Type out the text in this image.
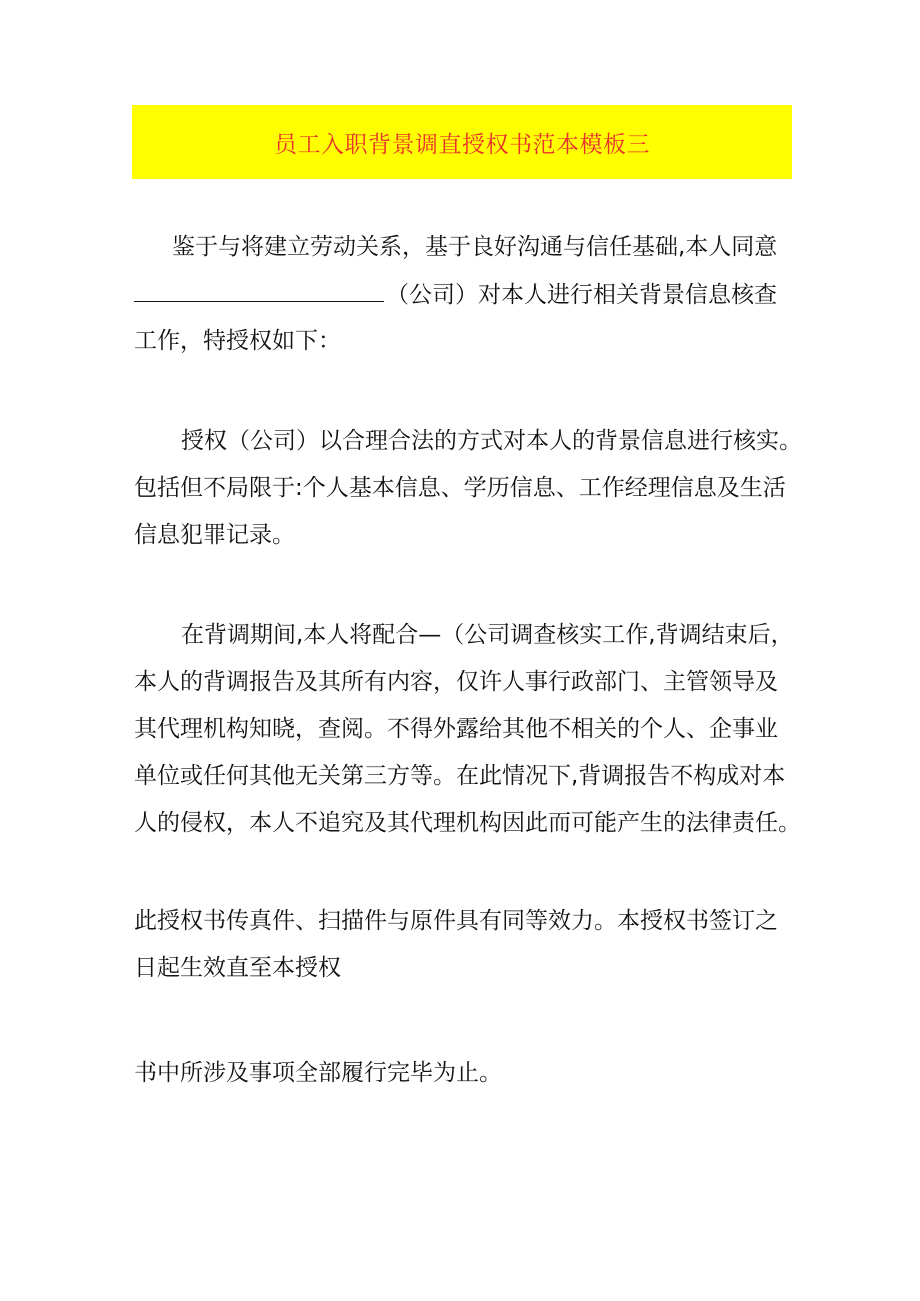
员工入职背景调直授权书范本模板三
鉴于与将建立劳动关系，基于良好沟通与信任基础,本人同意
（公司）对本人进行相关背景信息核查
工作，特授权如下：
授权（公司）以合理合法的方式对本人的背景信息进行核实。
包括但不局限于:个人基本信息、学历信息、工作经理信息及生活
信息犯罪记录。
在背调期间,本人将配合—（公司调查核实工作,背调结束后，
本人的背调报告及其所有内容，仅许人事行政部门、主管领导及
其代理机构知晓，查阅。不得外露给其他不相关的个人、企事业
单位或任何其他无关第三方等。在此情况下,背调报告不构成对本
人的侵权，本人不追究及其代理机构因此而可能产生的法律责任。
此授权书传真件、扫描件与原件具有同等效力。本授权书签订之
日起生效直至本授权
书中所涉及事项全部履行完毕为止。
